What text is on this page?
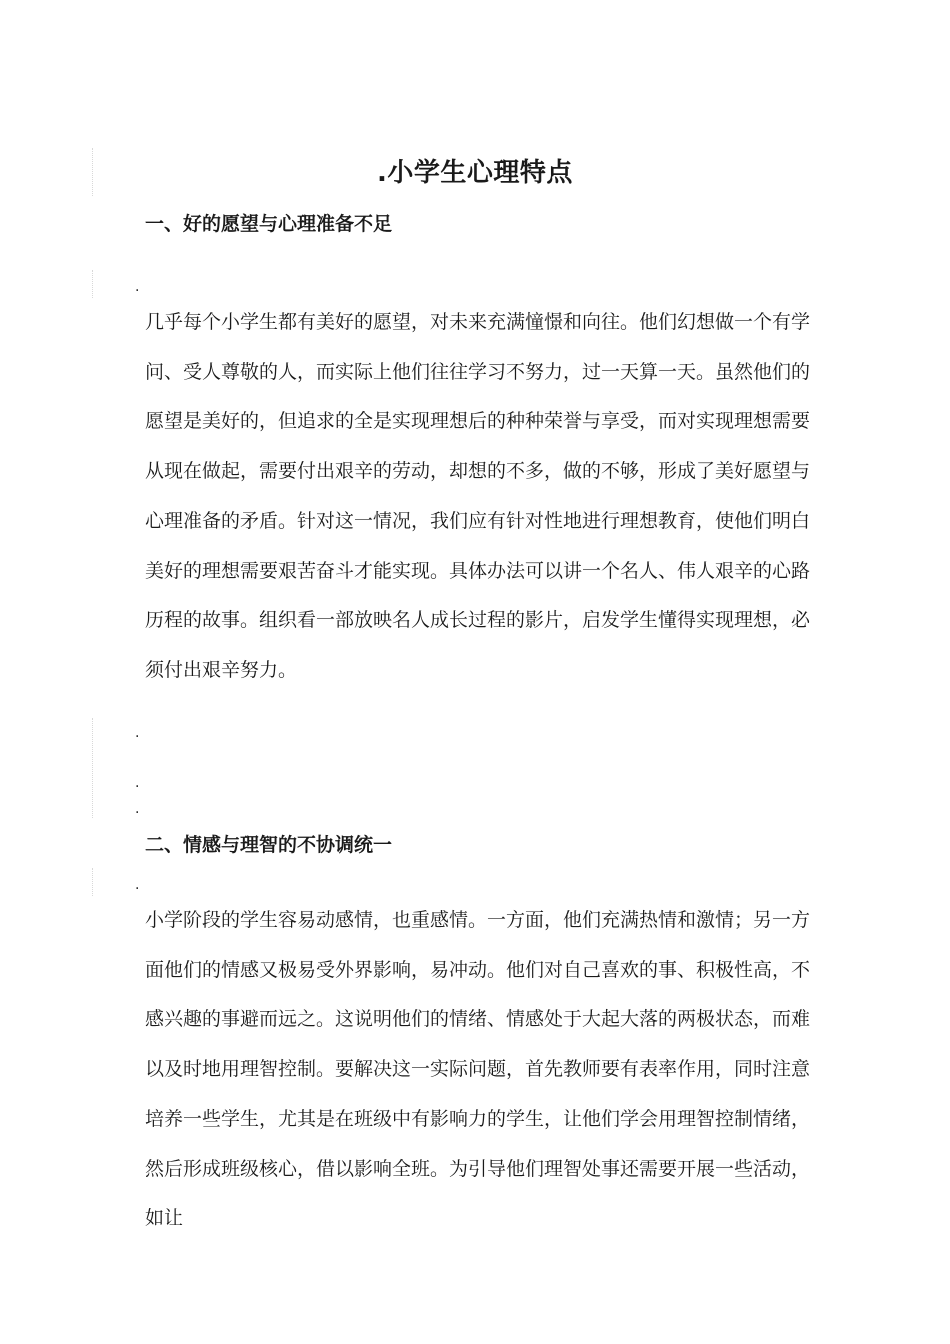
.小学生心理特点
一、好的愿望与心理准备不足
.

几乎每个小学生都有美好的愿望，对未来充满憧憬和向往。他们幻想做一个有学问、受人尊敬的人，而实际上他们往往学习不努力，过一天算一天。虽然他们的愿望是美好的，但追求的全是实现理想后的种种荣誉与享受，而对实现理想需要从现在做起，需要付出艰辛的劳动，却想的不多，做的不够，形成了美好愿望与心理准备的矛盾。针对这一情况，我们应有针对性地进行理想教育，使他们明白美好的理想需要艰苦奋斗才能实现。具体办法可以讲一个名人、伟人艰辛的心路历程的故事。组织看一部放映名人成长过程的影片，启发学生懂得实现理想，必须付出艰辛努力。

.
.
.
二、情感与理智的不协调统一
.

小学阶段的学生容易动感情，也重感情。一方面，他们充满热情和激情；另一方面他们的情感又极易受外界影响，易冲动。他们对自己喜欢的事、积极性高，不感兴趣的事避而远之。这说明他们的情绪、情感处于大起大落的两极状态，而难以及时地用理智控制。要解决这一实际问题，首先教师要有表率作用，同时注意培养一些学生，尤其是在班级中有影响力的学生，让他们学会用理智控制情绪，然后形成班级核心，借以影响全班。为引导他们理智处事还需要开展一些活动，如让
